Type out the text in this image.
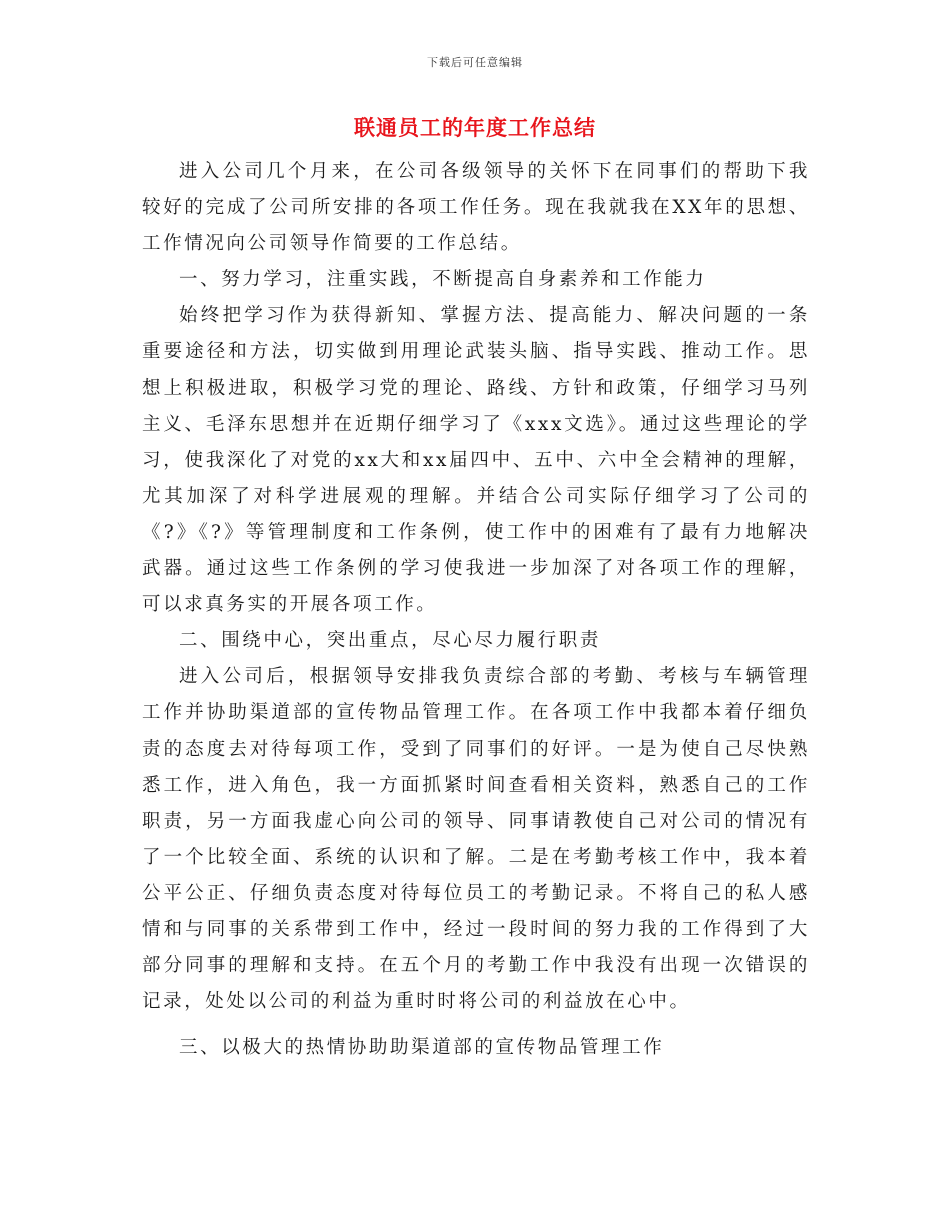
下载后可任意编辑
联通员工的年度工作总结

进入公司几个月来，在公司各级领导的关怀下在同事们的帮助下我较好的完成了公司所安排的各项工作任务。现在我就我在XX年的思想、工作情况向公司领导作简要的工作总结。

一、努力学习，注重实践，不断提高自身素养和工作能力

始终把学习作为获得新知、掌握方法、提高能力、解决问题的一条重要途径和方法，切实做到用理论武装头脑、指导实践、推动工作。思想上积极进取，积极学习党的理论、路线、方针和政策，仔细学习马列主义、毛泽东思想并在近期仔细学习了《xxx文选》。通过这些理论的学习，使我深化了对党的xx大和xx届四中、五中、六中全会精神的理解，尤其加深了对科学进展观的理解。并结合公司实际仔细学习了公司的《?》《?》等管理制度和工作条例，使工作中的困难有了最有力地解决武器。通过这些工作条例的学习使我进一步加深了对各项工作的理解，可以求真务实的开展各项工作。

二、围绕中心，突出重点，尽心尽力履行职责

进入公司后，根据领导安排我负责综合部的考勤、考核与车辆管理工作并协助渠道部的宣传物品管理工作。在各项工作中我都本着仔细负责的态度去对待每项工作，受到了同事们的好评。一是为使自己尽快熟悉工作，进入角色，我一方面抓紧时间查看相关资料，熟悉自己的工作职责，另一方面我虚心向公司的领导、同事请教使自己对公司的情况有了一个比较全面、系统的认识和了解。二是在考勤考核工作中，我本着公平公正、仔细负责态度对待每位员工的考勤记录。不将自己的私人感情和与同事的关系带到工作中，经过一段时间的努力我的工作得到了大部分同事的理解和支持。在五个月的考勤工作中我没有出现一次错误的记录，处处以公司的利益为重时时将公司的利益放在心中。

三、以极大的热情协助助渠道部的宣传物品管理工作
